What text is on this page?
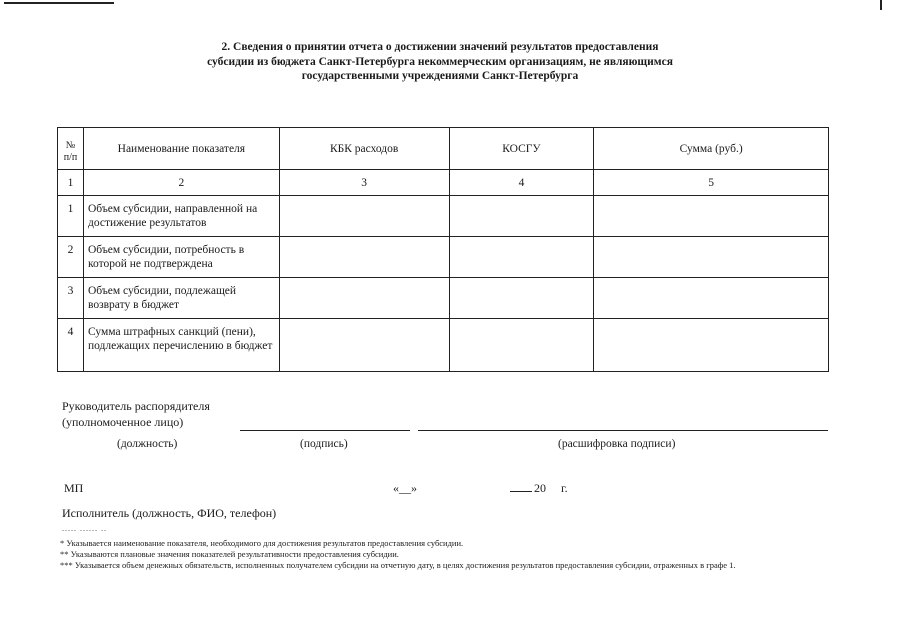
2. Сведения о принятии отчета о достижении значений результатов предоставления субсидии из бюджета Санкт-Петербурга некоммерческим организациям, не являющимся государственными учреждениями Санкт-Петербурга
№ п/п	Наименование показателя	КБК расходов	КОСГУ	Сумма (руб.)
1	2	3	4	5
1	Объем субсидии, направленной на достижение результатов			
2	Объем субсидии, потребность в которой не подтверждена			
3	Объем субсидии, подлежащей возврату в бюджет			
4	Сумма штрафных санкций (пени), подлежащих перечислению в бюджет			
Руководитель распорядителя (уполномоченное лицо)
(должность)	(подпись)	(расшифровка подписи)
МП	«__»	20 г.
Исполнитель (должность, ФИО, телефон)
..... ...... ..
* Указывается наименование показателя, необходимого для достижения результатов предоставления субсидии.
** Указываются плановые значения показателей результативности предоставления субсидии.
*** Указывается объем денежных обязательств, исполненных получателем субсидии на отчетную дату, в целях достижения результатов предоставления субсидии, отраженных в графе 1.
